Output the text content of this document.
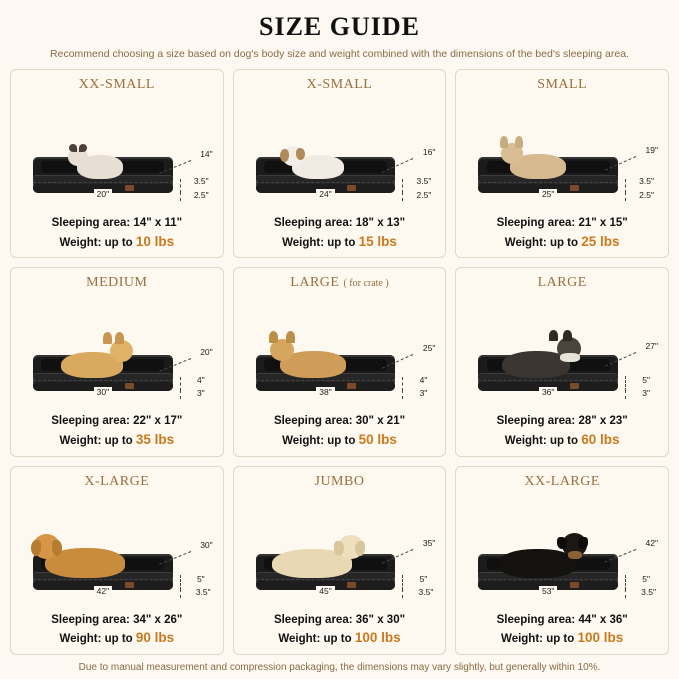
SIZE GUIDE
Recommend choosing a size based on dog's body size and weight combined with the dimensions of the bed's sleeping area.
XX-SMALL
14"
3.5"
2.5"
20"
Sleeping area: 14" x 11"
Weight: up to 10 lbs
X-SMALL
16"
3.5"
2.5"
24"
Sleeping area: 18" x 13"
Weight: up to 15 lbs
SMALL
19"
3.5"
2.5"
25"
Sleeping area: 21" x 15"
Weight: up to 25 lbs
MEDIUM
20"
4"
3"
30"
Sleeping area: 22" x 17"
Weight: up to 35 lbs
LARGE ( for crate )
25"
4"
3"
38"
Sleeping area: 30" x 21"
Weight: up to 50 lbs
LARGE
27"
5"
3"
36"
Sleeping area: 28" x 23"
Weight: up to 60 lbs
X-LARGE
30"
5"
3.5"
42"
Sleeping area: 34" x 26"
Weight: up to 90 lbs
JUMBO
35"
5"
3.5"
45"
Sleeping area: 36" x 30"
Weight: up to 100 lbs
XX-LARGE
42"
5"
3.5"
53"
Sleeping area: 44" x 36"
Weight: up to 100 lbs
Due to manual measurement and compression packaging, the dimensions may vary slightly, but generally within 10%.
